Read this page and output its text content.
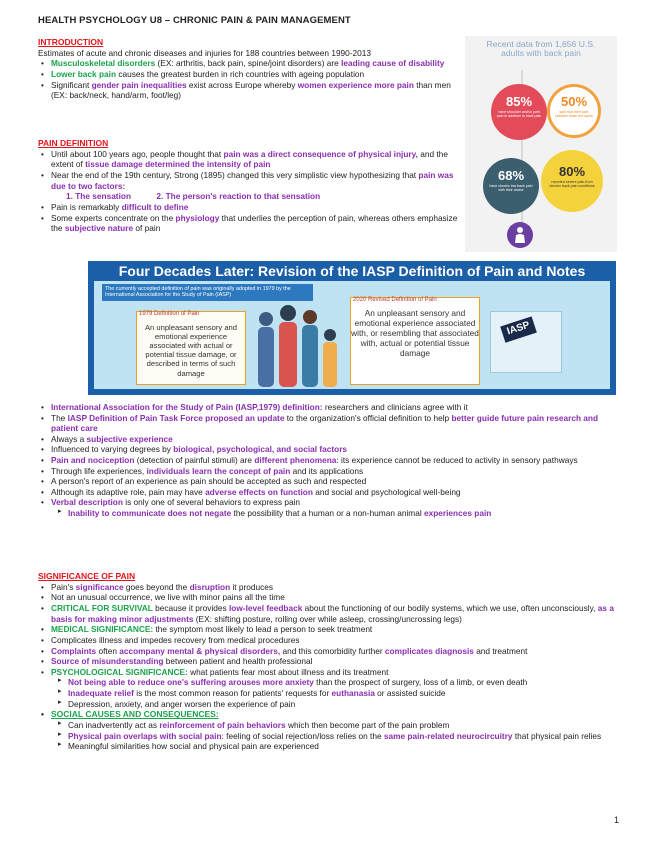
HEALTH PSYCHOLOGY U8 – CHRONIC PAIN & PAIN MANAGEMENT
INTRODUCTION
Estimates of acute and chronic diseases and injuries for 188 countries between 1990-2013
• Musculoskeletal disorders (EX: arthritis, back pain, spine/joint disorders) are leading cause of disability
• Lower back pain causes the greatest burden in rich countries with ageing population
• Significant gender pain inequalities exist across Europe whereby women experience more pain than men (EX: back/neck, hand/arm, foot/leg)
PAIN DEFINITION
• Until about 100 years ago, people thought that pain was a direct consequence of physical injury, and the extent of tissue damage determined the intensity of pain
• Near the end of the 19th century, Strong (1895) changed this very simplistic view hypothesizing that pain was due to two factors:
1. The sensation	2. The person's reaction to that sensation
• Pain is remarkably difficult to define
• Some experts concentrate on the physiology that underlies the perception of pain, whereas others emphasize the subjective nature of pain
Recent data from 1,656 U.S. adults with back pain
85%
have shoulder and/or joint pain in addition to back pain
50%
said that their pain radiates down the spine
68%
have chronic low back pain with their doctor
80%
reported severe pain from chronic back pain conditions
Four Decades Later: Revision of the IASP Definition of Pain and Notes
The currently accepted definition of pain was originally adopted in 1979 by the International Association for the Study of Pain (IASP)
1979 Definition of Pain
An unpleasant sensory and emotional experience associated with actual or potential tissue damage, or described in terms of such damage
2020 Revised Definition of Pain
An unpleasant sensory and emotional experience associated with, or resembling that associated with, actual or potential tissue damage
IASP
• International Association for the Study of Pain (IASP,1979) definition: researchers and clinicians agree with it
• The IASP Definition of Pain Task Force proposed an update to the organization's official definition to help better guide future pain research and patient care
• Always a subjective experience
• Influenced to varying degrees by biological, psychological, and social factors
• Pain and nociception (detection of painful stimuli) are different phenomena: its experience cannot be reduced to activity in sensory pathways
• Through life experiences, individuals learn the concept of pain and its applications
• A person's report of an experience as pain should be accepted as such and respected
• Although its adaptive role, pain may have adverse effects on function and social and psychological well-being
• Verbal description is only one of several behaviors to express pain
▸ Inability to communicate does not negate the possibility that a human or a non-human animal experiences pain
SIGNIFICANCE OF PAIN
• Pain's significance goes beyond the disruption it produces
• Not an unusual occurrence, we live with minor pains all the time
• CRITICAL FOR SURVIVAL because it provides low-level feedback about the functioning of our bodily systems, which we use, often unconsciously, as a basis for making minor adjustments (EX: shifting posture, rolling over while asleep, crossing/uncrossing legs)
• MEDICAL SIGNIFICANCE: the symptom most likely to lead a person to seek treatment
• Complicates illness and impedes recovery from medical procedures
• Complaints often accompany mental & physical disorders, and this comorbidity further complicates diagnosis and treatment
• Source of misunderstanding between patient and health professional
• PSYCHOLOGICAL SIGNIFICANCE: what patients fear most about illness and its treatment
▸ Not being able to reduce one's suffering arouses more anxiety than the prospect of surgery, loss of a limb, or even death
▸ Inadequate relief is the most common reason for patients' requests for euthanasia or assisted suicide
▸ Depression, anxiety, and anger worsen the experience of pain
• SOCIAL CAUSES AND CONSEQUENCES:
▸ Can inadvertently act as reinforcement of pain behaviors which then become part of the pain problem
▸ Physical pain overlaps with social pain: feeling of social rejection/loss relies on the same pain-related neurocircuitry that physical pain relies
▸ Meaningful similarities how social and physical pain are experienced
1
